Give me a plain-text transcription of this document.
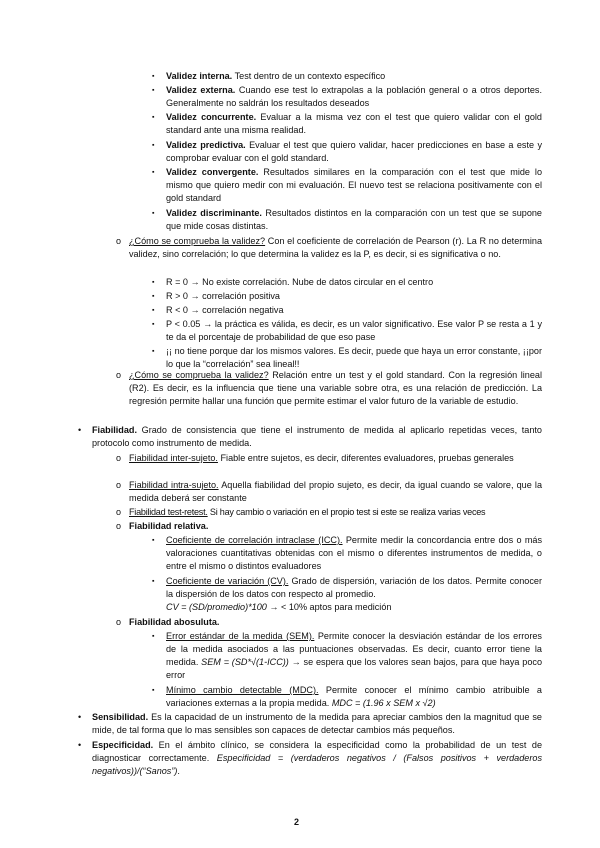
▪ Validez interna. Test dentro de un contexto específico
▪ Validez externa. Cuando ese test lo extrapolas a la población general o a otros deportes. Generalmente no saldrán los resultados deseados
▪ Validez concurrente. Evaluar a la misma vez con el test que quiero validar con el gold standard ante una misma realidad.
▪ Validez predictiva. Evaluar el test que quiero validar, hacer predicciones en base a este y comprobar evaluar con el gold standard.
▪ Validez convergente. Resultados similares en la comparación con el test que mide lo mismo que quiero medir con mi evaluación. El nuevo test se relaciona positivamente con el gold standard
▪ Validez discriminante. Resultados distintos en la comparación con un test que se supone que mide cosas distintas.
o ¿Cómo se comprueba la validez? Con el coeficiente de correlación de Pearson (r). La R no determina validez, sino correlación; lo que determina la validez es la P, es decir, si es significativa o no.
▪ R = 0 → No existe correlación. Nube de datos circular en el centro
▪ R > 0 → correlación positiva
▪ R < 0 → correlación negativa
▪ P < 0.05 → la práctica es válida, es decir, es un valor significativo. Ese valor P se resta a 1 y te da el porcentaje de probabilidad de que eso pase
▪ ¡¡ no tiene porque dar los mismos valores. Es decir, puede que haya un error constante, ¡¡por lo que la “correlación” sea lineal!!
o ¿Cómo se comprueba la validez? Relación entre un test y el gold standard. Con la regresión lineal (R2). Es decir, es la influencia que tiene una variable sobre otra, es una relación de predicción. La regresión permite hallar una función que permite estimar el valor futuro de la variable de estudio.
• Fiabilidad. Grado de consistencia que tiene el instrumento de medida al aplicarlo repetidas veces, tanto protocolo como instrumento de medida.
o Fiabilidad inter-sujeto. Fiable entre sujetos, es decir, diferentes evaluadores, pruebas generales
o Fiabilidad intra-sujeto. Aquella fiabilidad del propio sujeto, es decir, da igual cuando se valore, que la medida deberá ser constante
o Fiabilidad test-retest. Si hay cambio o variación en el propio test si este se realiza varias veces
o Fiabilidad relativa.
▪ Coeficiente de correlación intraclase (ICC). Permite medir la concordancia entre dos o más valoraciones cuantitativas obtenidas con el mismo o diferentes instrumentos de medida, o entre el mismo o distintos evaluadores
▪ Coeficiente de variación (CV). Grado de dispersión, variación de los datos. Permite conocer la dispersión de los datos con respecto al promedio.
CV = (SD/promedio)*100 → < 10% aptos para medición
o Fiabilidad abosuluta.
▪ Error estándar de la medida (SEM). Permite conocer la desviación estándar de los errores de la medida asociados a las puntuaciones observadas. Es decir, cuanto error tiene la medida. SEM = (SD*√(1-ICC)) → se espera que los valores sean bajos, para que haya poco error
▪ Mínimo cambio detectable (MDC). Permite conocer el mínimo cambio atribuible a variaciones externas a la propia medida. MDC = (1.96 x SEM x √2)
• Sensibilidad. Es la capacidad de un instrumento de la medida para apreciar cambios den la magnitud que se mide, de tal forma que lo mas sensibles son capaces de detectar cambios más pequeños.
• Especificidad. En el ámbito clínico, se considera la especificidad como la probabilidad de un test de diagnosticar correctamente. Especificidad = (verdaderos negativos / (Falsos positivos + verdaderos negativos))/(“Sanos”).
2
